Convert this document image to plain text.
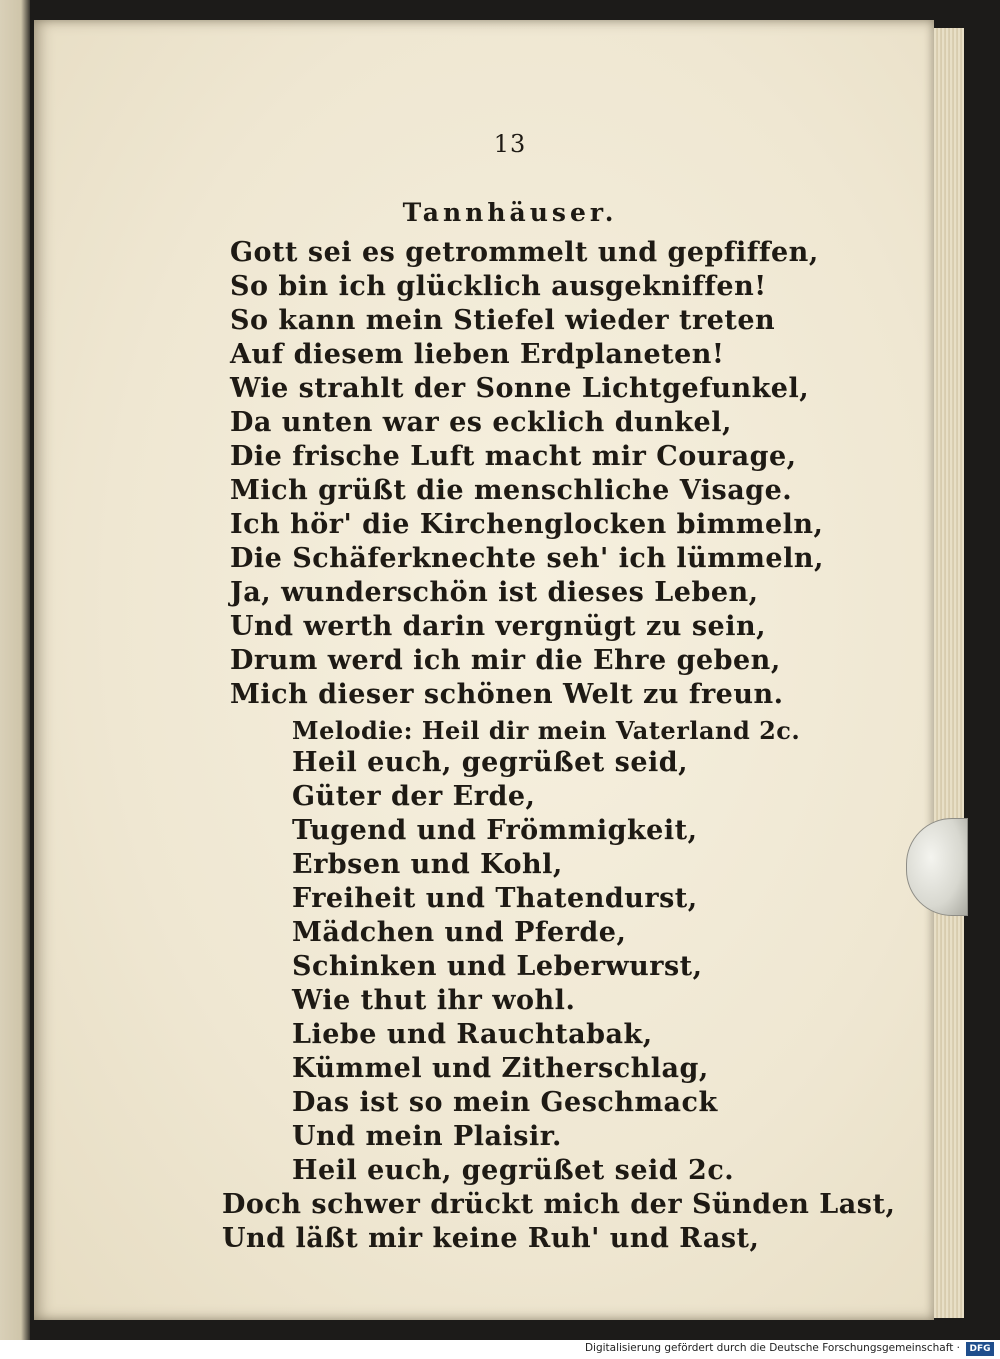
13
Tannhäuser.
Gott sei es getrommelt und gepfiffen,
So bin ich glücklich ausgekniffen!
So kann mein Stiefel wieder treten
Auf diesem lieben Erdplaneten!
Wie strahlt der Sonne Lichtgefunkel,
Da unten war es ecklich dunkel,
Die frische Luft macht mir Courage,
Mich grüßt die menschliche Visage.
Ich hör' die Kirchenglocken bimmeln,
Die Schäferknechte seh' ich lümmeln,
Ja, wunderschön ist dieses Leben,
Und werth darin vergnügt zu sein,
Drum werd ich mir die Ehre geben,
Mich dieser schönen Welt zu freun.
Melodie: Heil dir mein Vaterland 2c.
Heil euch, gegrüßet seid,
Güter der Erde,
Tugend und Frömmigkeit,
Erbsen und Kohl,
Freiheit und Thatendurst,
Mädchen und Pferde,
Schinken und Leberwurst,
Wie thut ihr wohl.
Liebe und Rauchtabak,
Kümmel und Zitherschlag,
Das ist so mein Geschmack
Und mein Plaisir.
Heil euch, gegrüßet seid 2c.
Doch schwer drückt mich der Sünden Last,
Und läßt mir keine Ruh' und Rast,
Digitalisierung gefördert durch die Deutsche Forschungsgemeinschaft ·	DFG
